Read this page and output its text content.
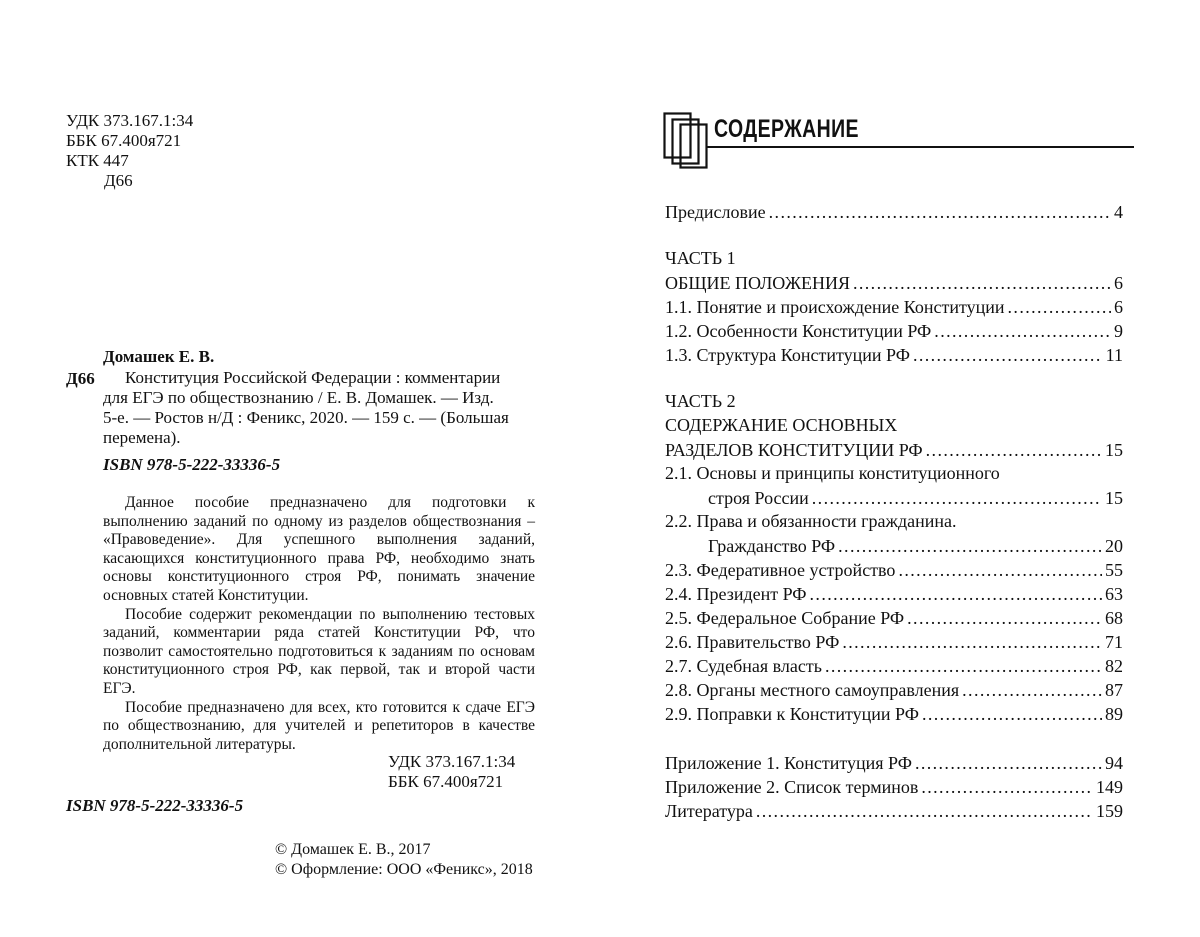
УДК 373.167.1:34
ББК 67.400я721
КТК 447
Д66
Домашек Е. В.
Д66	Конституция Российской Федерации : комментарии
для ЕГЭ по обществознанию / Е. В. Домашек. — Изд.
5-е. — Ростов н/Д : Феникс, 2020. — 159 с. — (Большая
перемена).
ISBN 978-5-222-33336-5

Данное пособие предназначено для подготовки к выполнению заданий по одному из разделов обществознания – «Правоведение». Для успешного выполнения заданий, касающихся конституционного права РФ, необходимо знать основы конституционного строя РФ, понимать значение основных статей Конституции.

Пособие содержит рекомендации по выполнению тестовых заданий, комментарии ряда статей Конституции РФ, что позволит самостоятельно подготовиться к заданиям по основам конституционного строя РФ, как первой, так и второй части ЕГЭ.

Пособие предназначено для всех, кто готовится к сдаче ЕГЭ по обществознанию, для учителей и репетиторов в качестве дополнительной литературы.

УДК 373.167.1:34
ББК 67.400я721
ISBN 978-5-222-33336-5
© Домашек Е. В., 2017
© Оформление: ООО «Феникс», 2018
СОДЕРЖАНИЕ
Предисловие .....	4
ЧАСТЬ 1
ОБЩИЕ ПОЛОЖЕНИЯ .....	6
1.1. Понятие и происхождение Конституции .....	6
1.2. Особенности Конституции РФ .....	9
1.3. Структура Конституции РФ .....	11
ЧАСТЬ 2
СОДЕРЖАНИЕ ОСНОВНЫХ
РАЗДЕЛОВ КОНСТИТУЦИИ РФ .....	15
2.1. Основы и принципы конституционного
строя России .....	15
2.2. Права и обязанности гражданина.
Гражданство РФ .....	20
2.3. Федеративное устройство .....	55
2.4. Президент РФ .....	63
2.5. Федеральное Собрание РФ .....	68
2.6. Правительство РФ .....	71
2.7. Судебная власть .....	82
2.8. Органы местного самоуправления .....	87
2.9. Поправки к Конституции РФ .....	89
Приложение 1. Конституция РФ .....	94
Приложение 2. Список терминов .....	149
Литература .....	159
